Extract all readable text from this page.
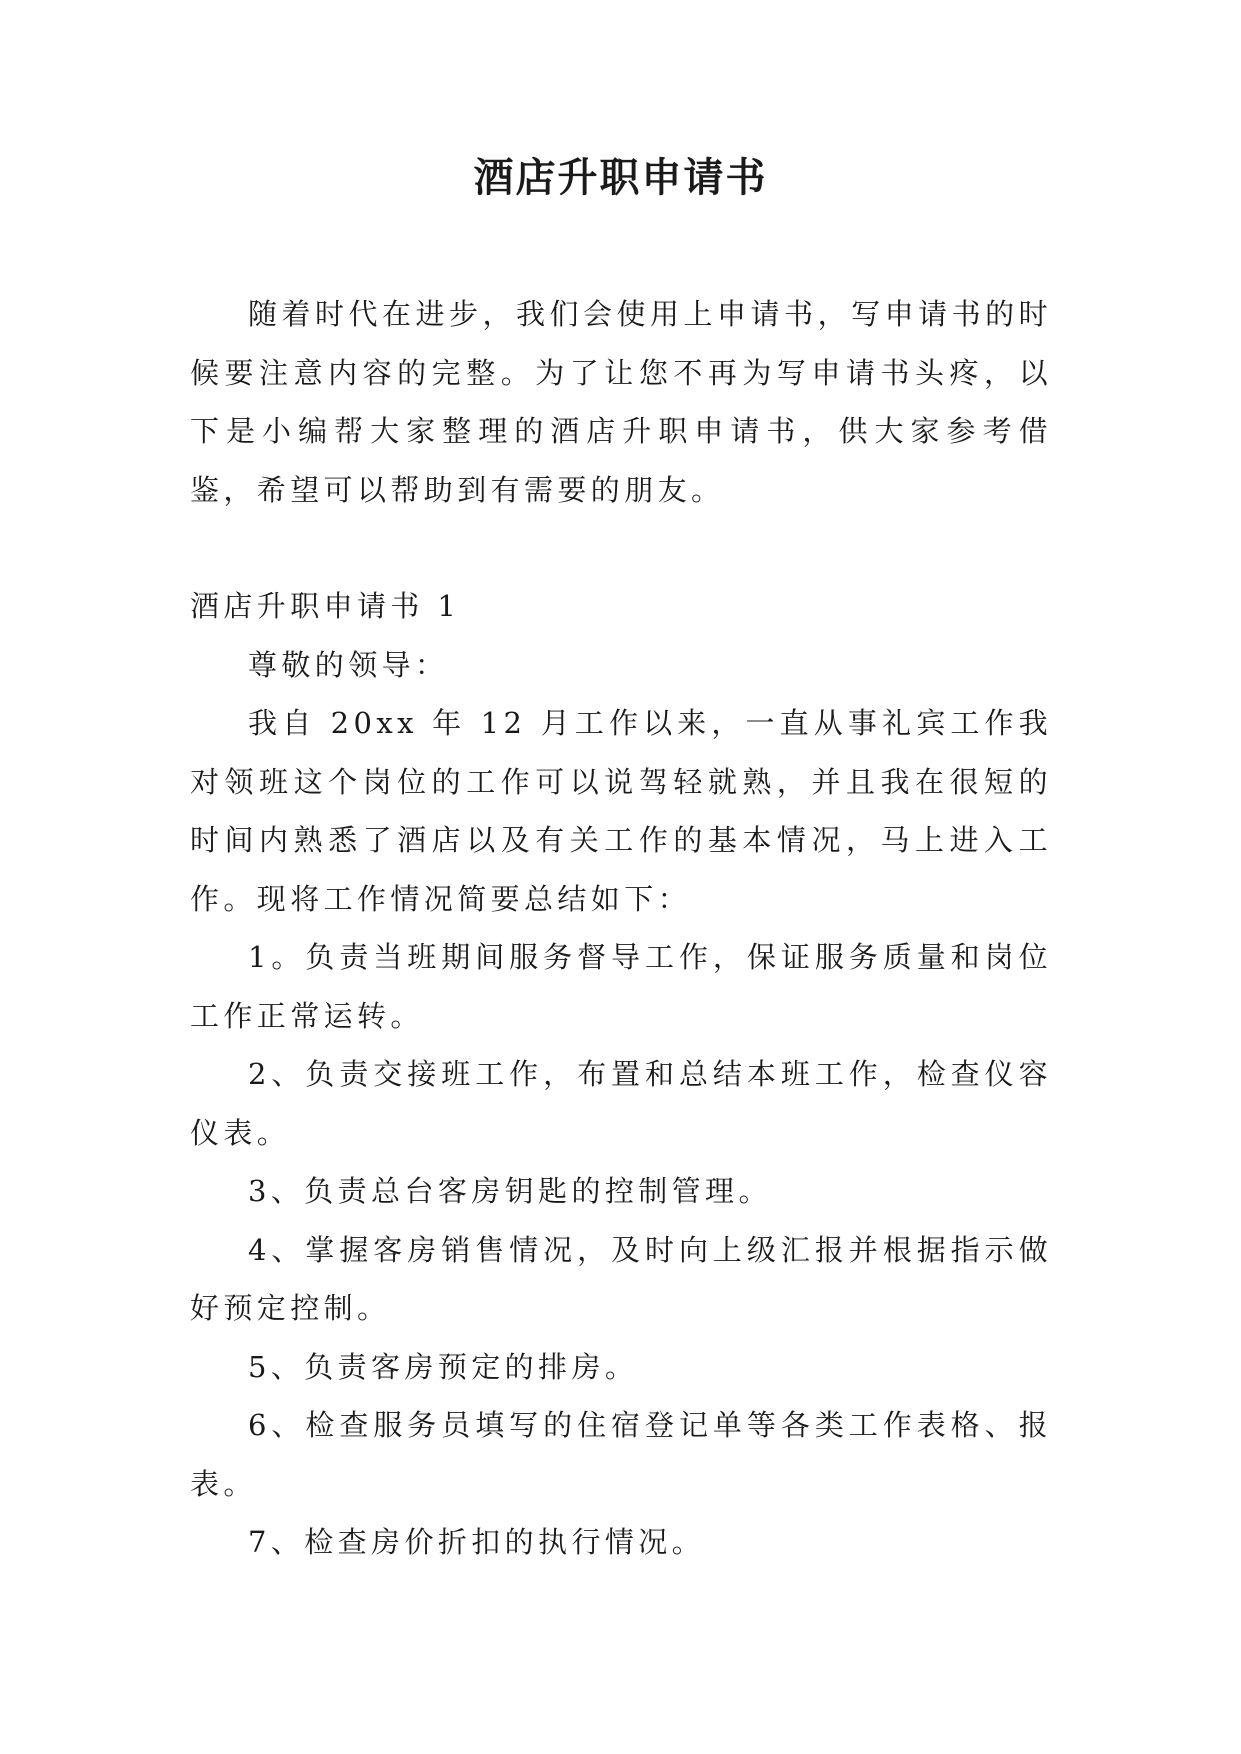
酒店升职申请书

随着时代在进步，我们会使用上申请书，写申请书的时候要注意内容的完整。为了让您不再为写申请书头疼，以下是小编帮大家整理的酒店升职申请书，供大家参考借鉴，希望可以帮助到有需要的朋友。

酒店升职申请书 1

尊敬的领导：

我自 20xx 年 12 月工作以来，一直从事礼宾工作我对领班这个岗位的工作可以说驾轻就熟，并且我在很短的时间内熟悉了酒店以及有关工作的基本情况，马上进入工作。现将工作情况简要总结如下：

1。负责当班期间服务督导工作，保证服务质量和岗位工作正常运转。

2、负责交接班工作，布置和总结本班工作，检查仪容仪表。

3、负责总台客房钥匙的控制管理。

4、掌握客房销售情况，及时向上级汇报并根据指示做好预定控制。

5、负责客房预定的排房。

6、检查服务员填写的住宿登记单等各类工作表格、报表。

7、检查房价折扣的执行情况。
